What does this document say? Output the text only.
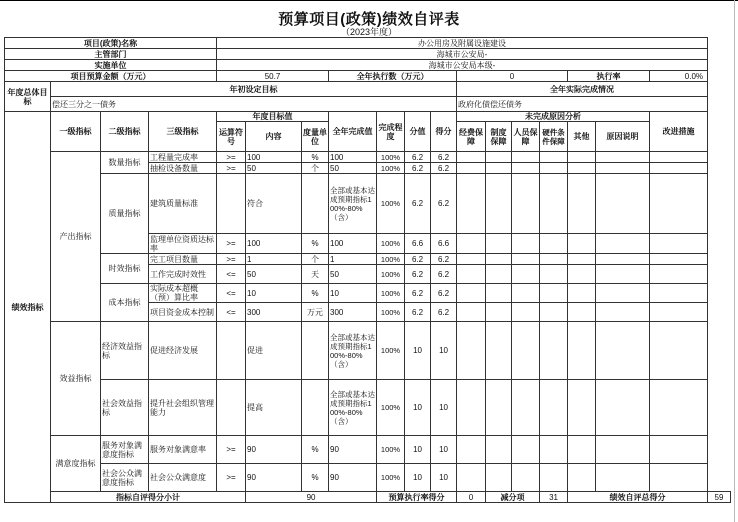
预算项目(政策)绩效自评表
（2023年度）
项目(政策)名称				办公用房及附属设施建设														
主管部门				海城市公安局-														
实施单位				海城市公安局本级-														
项目预算金额（万元）				50.7			全年执行数（万元）				0				执行率		0.0%	
年度总体目标	年初设定目标										全年实际完成情况							
	偿还三分之一债务										政府化债偿还债务							
绩效指标	一级指标	二级指标	三级指标	年度目标值			全年完成值	完成程度	分值	得分	未完成原因分析						改进措施	
				运算符号	内容	度量单位					经费保障	制度保障	人员保障	硬件条件保障	其他	原因说明		
	产出指标	数量指标	工程量完成率	>=	100	%	100	100%	6.2	6.2								
			抽检设备数量	>=	50	个	50	100%	6.2	6.2								
		质量指标	建筑质量标准		符合		全部或基本达成预期指标100%-80%（含）	100%	6.2	6.2								
			监理单位资质达标率	>=	100	%	100	100%	6.6	6.6								
		时效指标	完工项目数量	>=	1	个	1	100%	6.2	6.2								
			工作完成时效性	<=	50	天	50	100%	6.2	6.2								
		成本指标	实际成本超概（预）算比率	<=	10	%	10	100%	6.2	6.2								
			项目资金成本控制	<=	300	万元	300	100%	6.2	6.2								
	效益指标	经济效益指标	促进经济发展		促进		全部或基本达成预期指标100%-80%（含）	100%	10	10								
		社会效益指标	提升社会组织管理能力		提高		全部或基本达成预期指标100%-80%（含）	100%	10	10								
	满意度指标	服务对象满意度指标	服务对象满意率	>=	90	%	90	100%	10	10								
		社会公众满意度指标	社会公众满意度	>=	90	%	90	100%	10	10								
	指标自评得分小计				90			预算执行率得分			0	减分项		31	绩效自评总得分			59
